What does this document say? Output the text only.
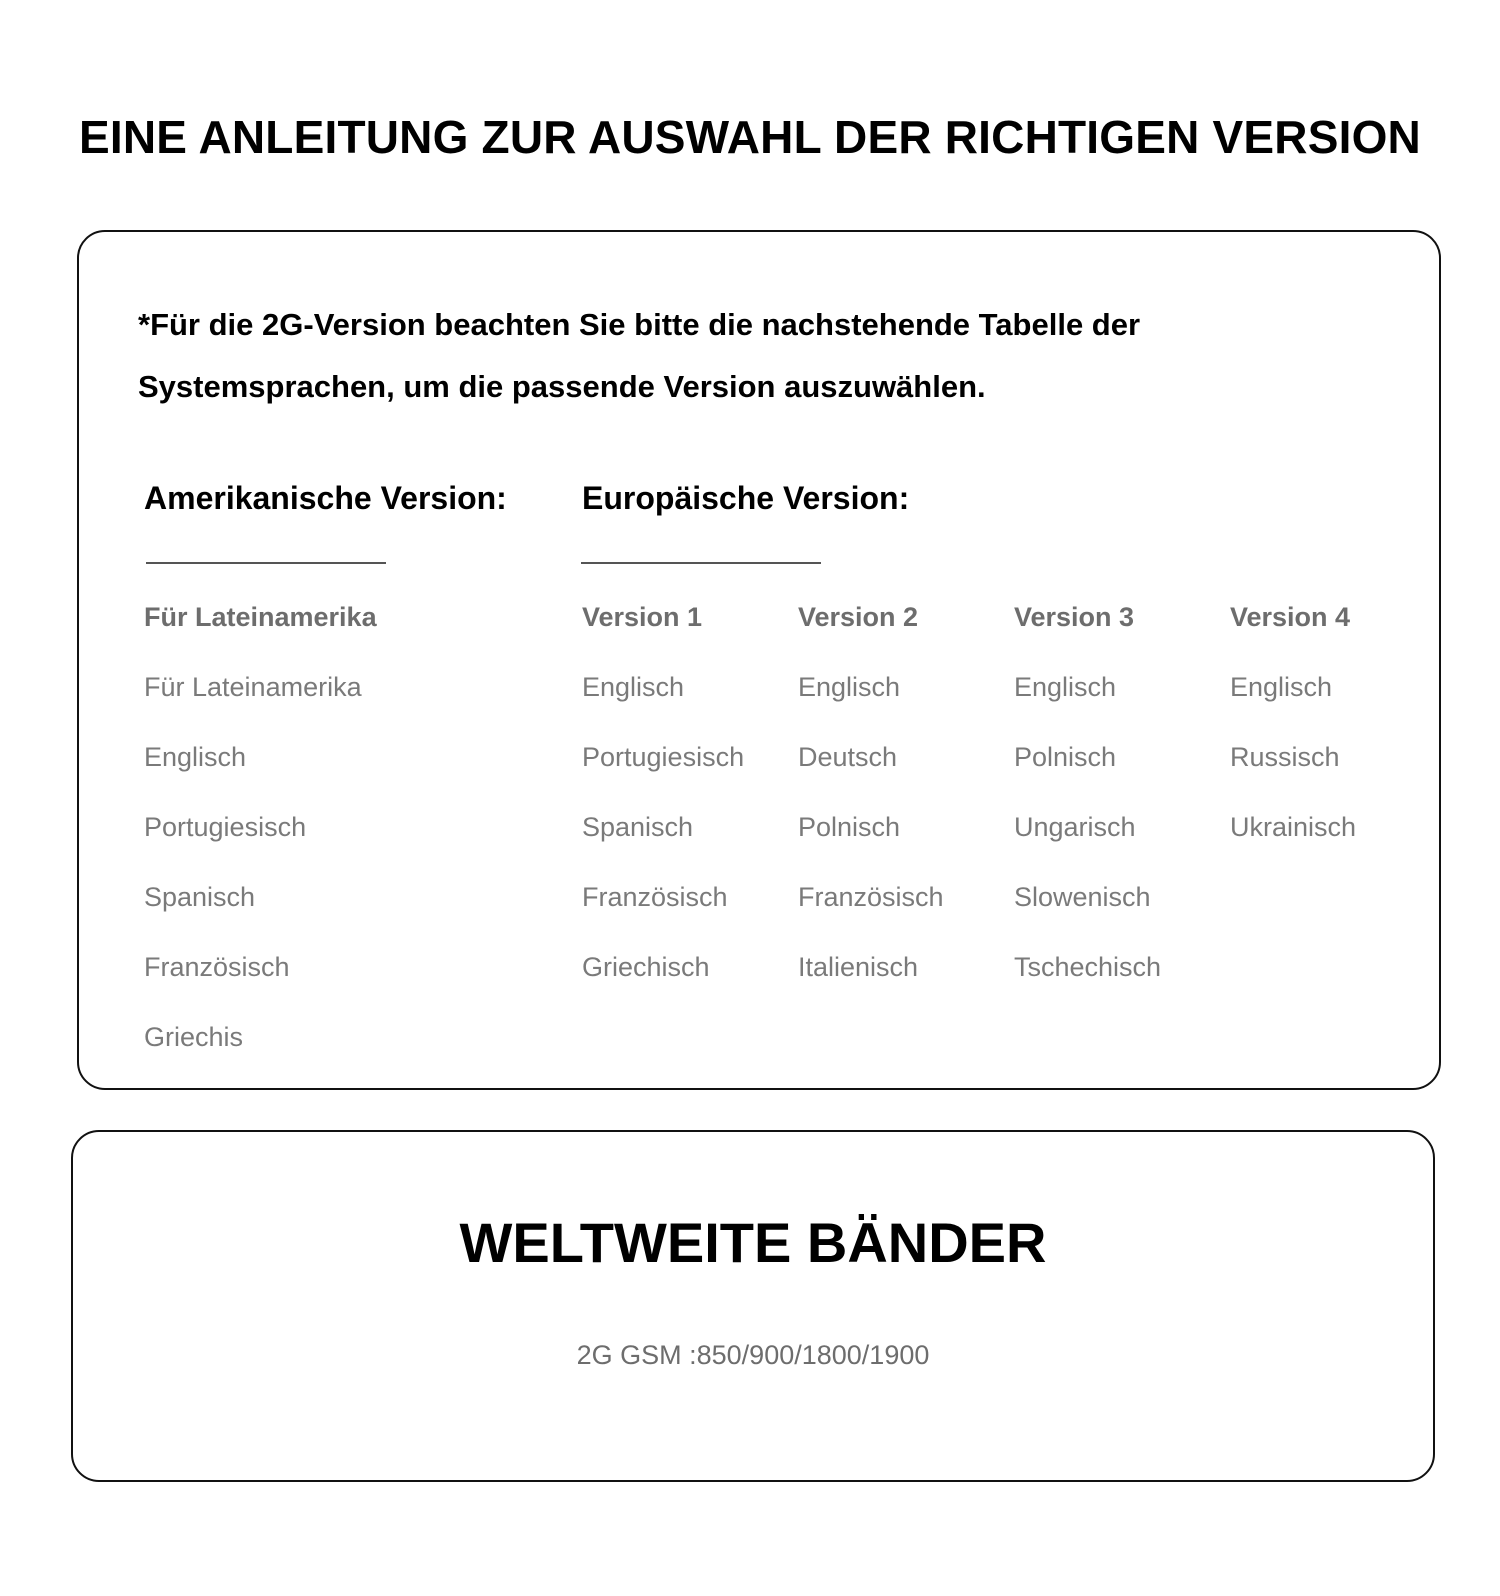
EINE ANLEITUNG ZUR AUSWAHL DER RICHTIGEN VERSION

*Für die 2G-Version beachten Sie bitte die nachstehende Tabelle der Systemsprachen, um die passende Version auszuwählen.

Amerikanische Version: Europäische Version:
Für Lateinamerika
Für Lateinamerika
Englisch
Portugiesisch
Spanisch
Französisch
Griechis
Version 1
Englisch
Portugiesisch
Spanisch
Französisch
Griechisch
Version 2
Englisch
Deutsch
Polnisch
Französisch
Italienisch
Version 3
Englisch
Polnisch
Ungarisch
Slowenisch
Tschechisch
Version 4
Englisch
Russisch
Ukrainisch
WELTWEITE BÄNDER

2G GSM :850/900/1800/1900
